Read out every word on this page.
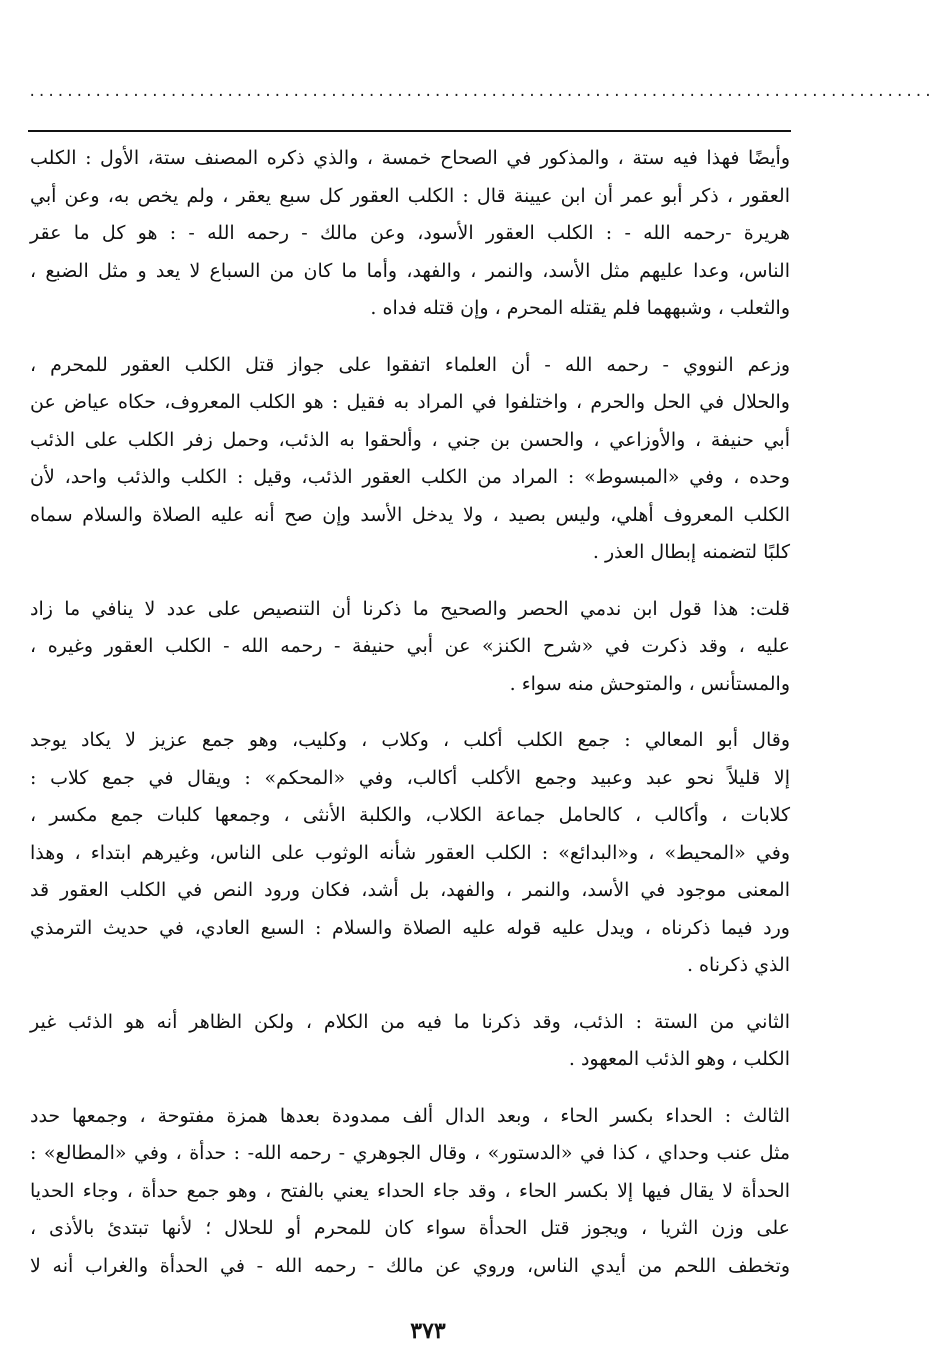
................................................................................................
وأيضًا فهذا فيه ستة ، والمذكور في الصحاح خمسة ، والذي ذكره المصنف ستة، الأول : الكلب
العقور ، ذكر أبو عمر أن ابن عيينة قال : الكلب العقور كل سبع يعقر ، ولم يخص به، وعن أبي
هريرة -رحمه الله - : الكلب العقور الأسود، وعن مالك - رحمه الله - : هو كل ما عقر
الناس، وعدا عليهم مثل الأسد، والنمر ، والفهد، وأما ما كان من السباع لا يعد و مثل الضبع ،
والثعلب ، وشبههما فلم يقتله المحرم ، وإن قتله فداه .
وزعم النووي - رحمه الله - أن العلماء اتفقوا على جواز قتل الكلب العقور للمحرم ،
والحلال في الحل والحرم ، واختلفوا في المراد به فقيل : هو الكلب المعروف، حكاه عياض عن
أبي حنيفة ، والأوزاعي ، والحسن بن جني ، وألحقوا به الذئب، وحمل زفر الكلب على الذئب
وحده ، وفي «المبسوط» : المراد من الكلب العقور الذئب، وقيل : الكلب والذئب واحد، لأن
الكلب المعروف أهلي، وليس بصيد ، ولا يدخل الأسد وإن صح أنه عليه الصلاة والسلام سماه
كلبًا لتضمنه إبطال العذر .
قلت: هذا قول ابن ندمي الحصر والصحيح ما ذكرنا أن التنصيص على عدد لا ينافي ما زاد
عليه ، وقد ذكرت في «شرح الكنز» عن أبي حنيفة - رحمه الله - الكلب العقور وغيره ،
والمستأنس ، والمتوحش منه سواء .
وقال أبو المعالي : جمع الكلب أكلب ، وكلاب ، وكليب، وهو جمع عزيز لا يكاد يوجد
إلا قليلاً نحو عبد وعبيد وجمع الأكلب أكالب، وفي «المحكم» : ويقال في جمع كلاب :
كلابات ، وأكالب ، كالحامل جماعة الكلاب، والكلبة الأنثى ، وجمعها كلبات جمع مكسر ،
وفي «المحيط» ، و«البدائع» : الكلب العقور شأنه الوثوب على الناس، وغيرهم ابتداء ، وهذا
المعنى موجود في الأسد، والنمر ، والفهد، بل أشد، فكان ورود النص في الكلب العقور قد
ورد فيما ذكرناه ، ويدل عليه قوله عليه الصلاة والسلام : السبع العادي، في حديث الترمذي
الذي ذكرناه .
الثاني من الستة : الذئب، وقد ذكرنا ما فيه من الكلام ، ولكن الظاهر أنه هو الذئب غير
الكلب ، وهو الذئب المعهود .
الثالث : الحداء بكسر الحاء ، وبعد الدال ألف ممدودة بعدها همزة مفتوحة ، وجمعها حدد
مثل عنب وحداي ، كذا في «الدستور» ، وقال الجوهري - رحمه الله- : حدأة ، وفي «المطالع» :
الحدأة لا يقال فيها إلا بكسر الحاء ، وقد جاء الحداء يعني بالفتح ، وهو جمع حدأة ، وجاء الحديا
على وزن الثريا ، ويجوز قتل الحدأة سواء كان للمحرم أو للحلال ؛ لأنها تبتدئ بالأذى ،
وتخطف اللحم من أيدي الناس، وروي عن مالك - رحمه الله - في الحدأة والغراب أنه لا
٣٧٣
